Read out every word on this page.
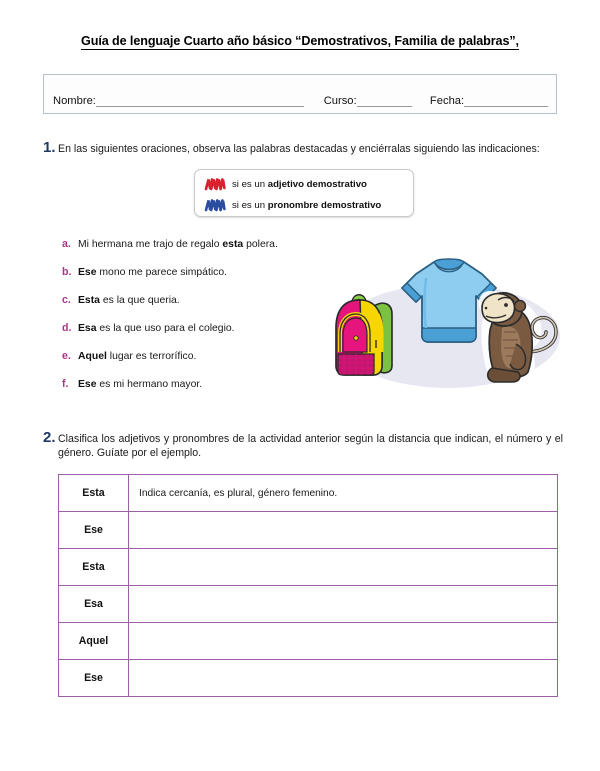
Guía de lenguaje Cuarto año básico “Demostrativos, Familia de palabras”,
Nombre:	Curso:	Fecha:
1. En las siguientes oraciones, observa las palabras destacadas y enciérralas siguiendo las indicaciones:
si es un adjetivo demostrativo
si es un pronombre demostrativo
a. Mi hermana me trajo de regalo esta polera.
b. Ese mono me parece simpático.
c. Esta es la que queria.
d. Esa es la que uso para el colegio.
e. Aquel lugar es terrorífico.
f. Ese es mi hermano mayor.
2. Clasifica los adjetivos y pronombres de la actividad anterior según la distancia que indican, el número y el género. Guíate por el ejemplo.
Esta	Indica cercanía, es plural, género femenino.
Ese	
Esta	
Esa	
Aquel	
Ese	
